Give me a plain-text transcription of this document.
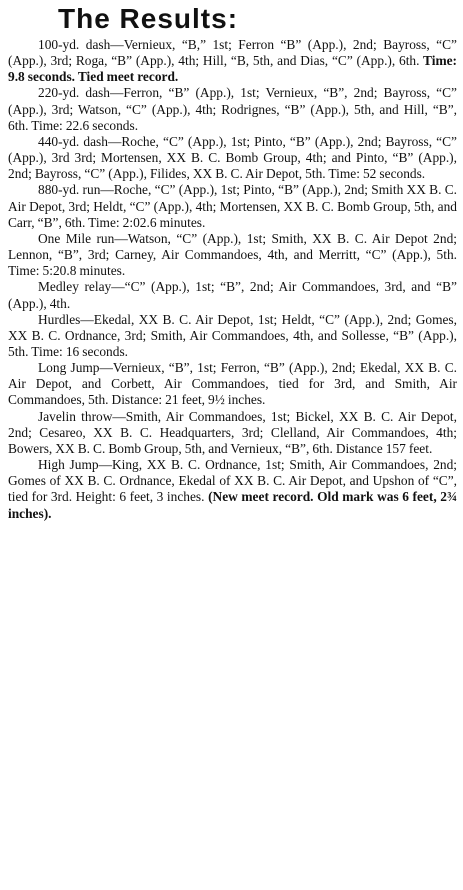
The Results:

100-yd. dash—Vernieux, “B,” 1st; Ferron “B” (App.), 2nd; Bayross, “C” (App.), 3rd; Roga, “B” (App.), 4th; Hill, “B, 5th, and Dias, “C” (App.), 6th. Time: 9.8 seconds. Tied meet record.

220-yd. dash—Ferron, “B” (App.), 1st; Vernieux, “B”, 2nd; Bayross, “C” (App.), 3rd; Watson, “C” (App.), 4th; Rodrignes, “B” (App.), 5th, and Hill, “B”, 6th. Time: 22.6 seconds.

440-yd. dash—Roche, “C” (App.), 1st; Pinto, “B” (App.), 2nd; Bayross, “C” (App.), 3rd 3rd; Mortensen, XX B. C. Bomb Group, 4th; and Pinto, “B” (App.), 2nd; Bayross, “C” (App.), Filides, XX B. C. Air Depot, 5th. Time: 52 seconds.

880-yd. run—Roche, “C” (App.), 1st; Pinto, “B” (App.), 2nd; Smith XX B. C. Air Depot, 3rd; Heldt, “C” (App.), 4th; Mortensen, XX B. C. Bomb Group, 5th, and Carr, “B”, 6th. Time: 2:02.6 minutes.

One Mile run—Watson, “C” (App.), 1st; Smith, XX B. C. Air Depot 2nd; Lennon, “B”, 3rd; Carney, Air Commandoes, 4th, and Merritt, “C” (App.), 5th. Time: 5:20.8 minutes.

Medley relay—“C” (App.), 1st; “B”, 2nd; Air Commandoes, 3rd, and “B” (App.), 4th.

Hurdles—Ekedal, XX B. C. Air Depot, 1st; Heldt, “C” (App.), 2nd; Gomes, XX B. C. Ordnance, 3rd; Smith, Air Commandoes, 4th, and Sollesse, “B” (App.), 5th. Time: 16 seconds.

Long Jump—Vernieux, “B”, 1st; Ferron, “B” (App.), 2nd; Ekedal, XX B. C. Air Depot, and Corbett, Air Commandoes, tied for 3rd, and Smith, Air Commandoes, 5th. Distance: 21 feet, 9½ inches.

Javelin throw—Smith, Air Commandoes, 1st; Bickel, XX B. C. Air Depot, 2nd; Cesareo, XX B. C. Headquarters, 3rd; Clelland, Air Commandoes, 4th; Bowers, XX B. C. Bomb Group, 5th, and Vernieux, “B”, 6th. Distance 157 feet.

High Jump—King, XX B. C. Ordnance, 1st; Smith, Air Commandoes, 2nd; Gomes of XX B. C. Ordnance, Ekedal of XX B. C. Air Depot, and Upshon of “C”, tied for 3rd. Height: 6 feet, 3 inches. (New meet record. Old mark was 6 feet, 2¾ inches).
